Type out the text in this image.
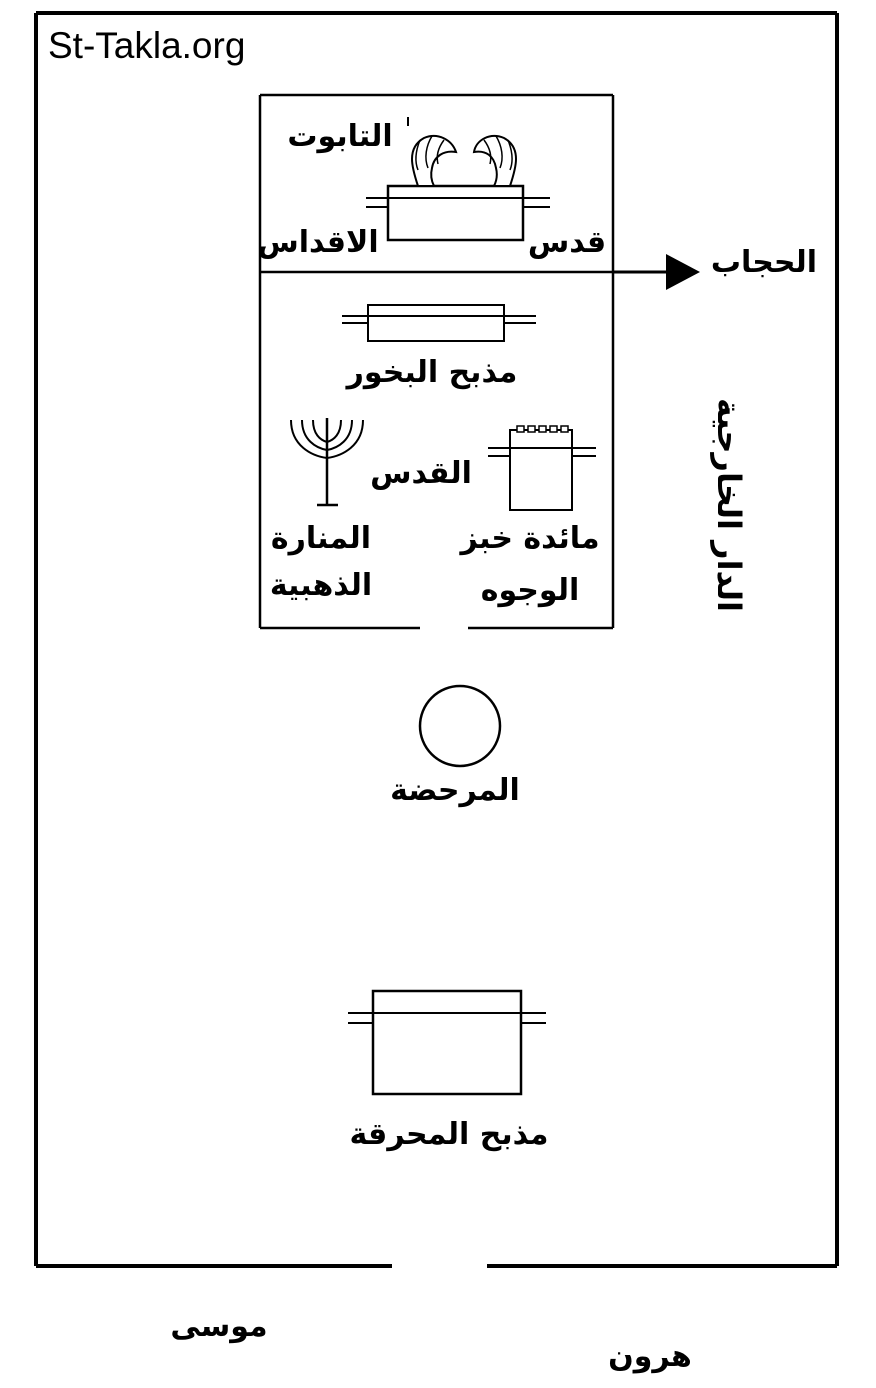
St-Takla.org
التابوت
قدس
الاقداس
الحجاب
مذبح البخور
القدس
المنارة
الذهبية
مائدة خبز
الوجوه	الدار الخارجية
المرحضة
مذبح المحرقة
موسى
هرون
